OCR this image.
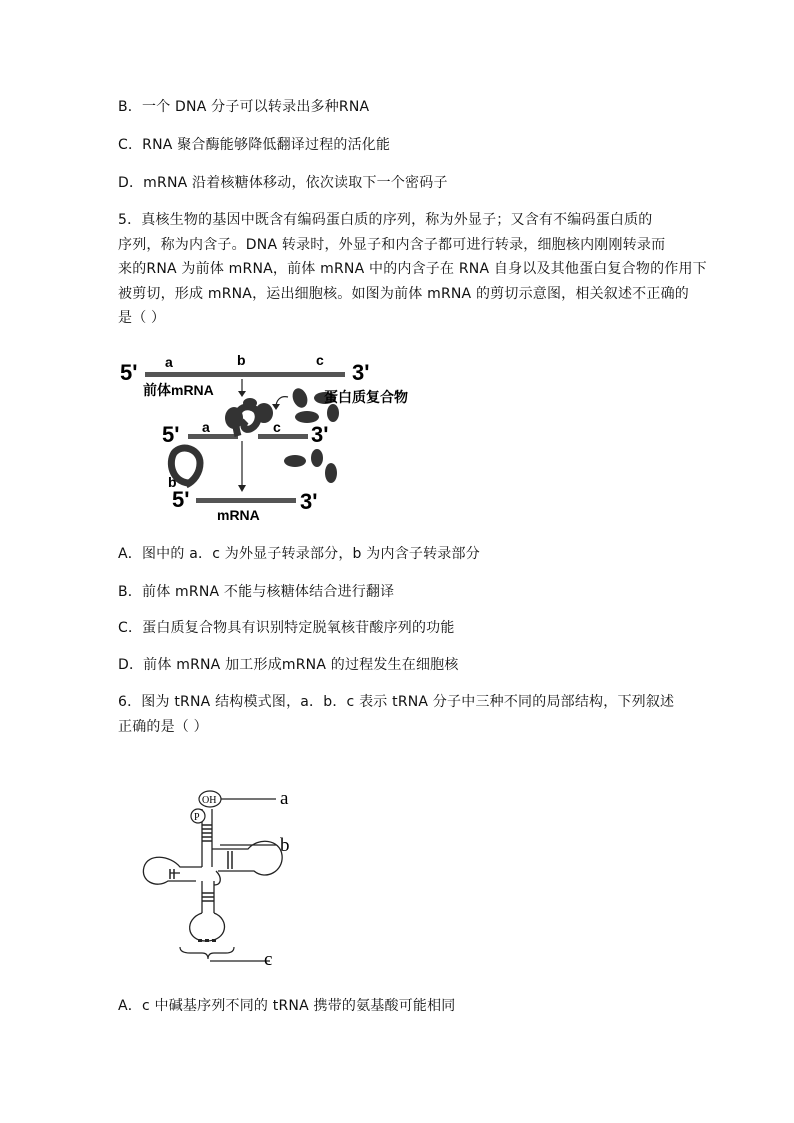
B．一个 DNA 分子可以转录出多种RNA
C．RNA 聚合酶能够降低翻译过程的活化能
D．mRNA 沿着核糖体移动，依次读取下一个密码子
5．真核生物的基因中既含有编码蛋白质的序列，称为外显子；又含有不编码蛋白质的
序列，称为内含子。DNA 转录时，外显子和内含子都可进行转录，细胞核内刚刚转录而
来的RNA 为前体 mRNA，前体 mRNA 中的内含子在 RNA 自身以及其他蛋白复合物的作用下
被剪切，形成 mRNA，运出细胞核。如图为前体 mRNA 的剪切示意图，相关叙述不正确的
是（ ）
5'	3'
a	b	c
前体mRNA
5'	3'
a	c
蛋白质复合物
b
5'	3'
mRNA
A．图中的 a．c 为外显子转录部分，b 为内含子转录部分
B．前体 mRNA 不能与核糖体结合进行翻译
C．蛋白质复合物具有识别特定脱氧核苷酸序列的功能
D．前体 mRNA 加工形成mRNA 的过程发生在细胞核
6．图为 tRNA 结构模式图，a．b．c 表示 tRNA 分子中三种不同的局部结构，下列叙述
正确的是（ ）
OH
P
a
b
c
A．c 中碱基序列不同的 tRNA 携带的氨基酸可能相同
